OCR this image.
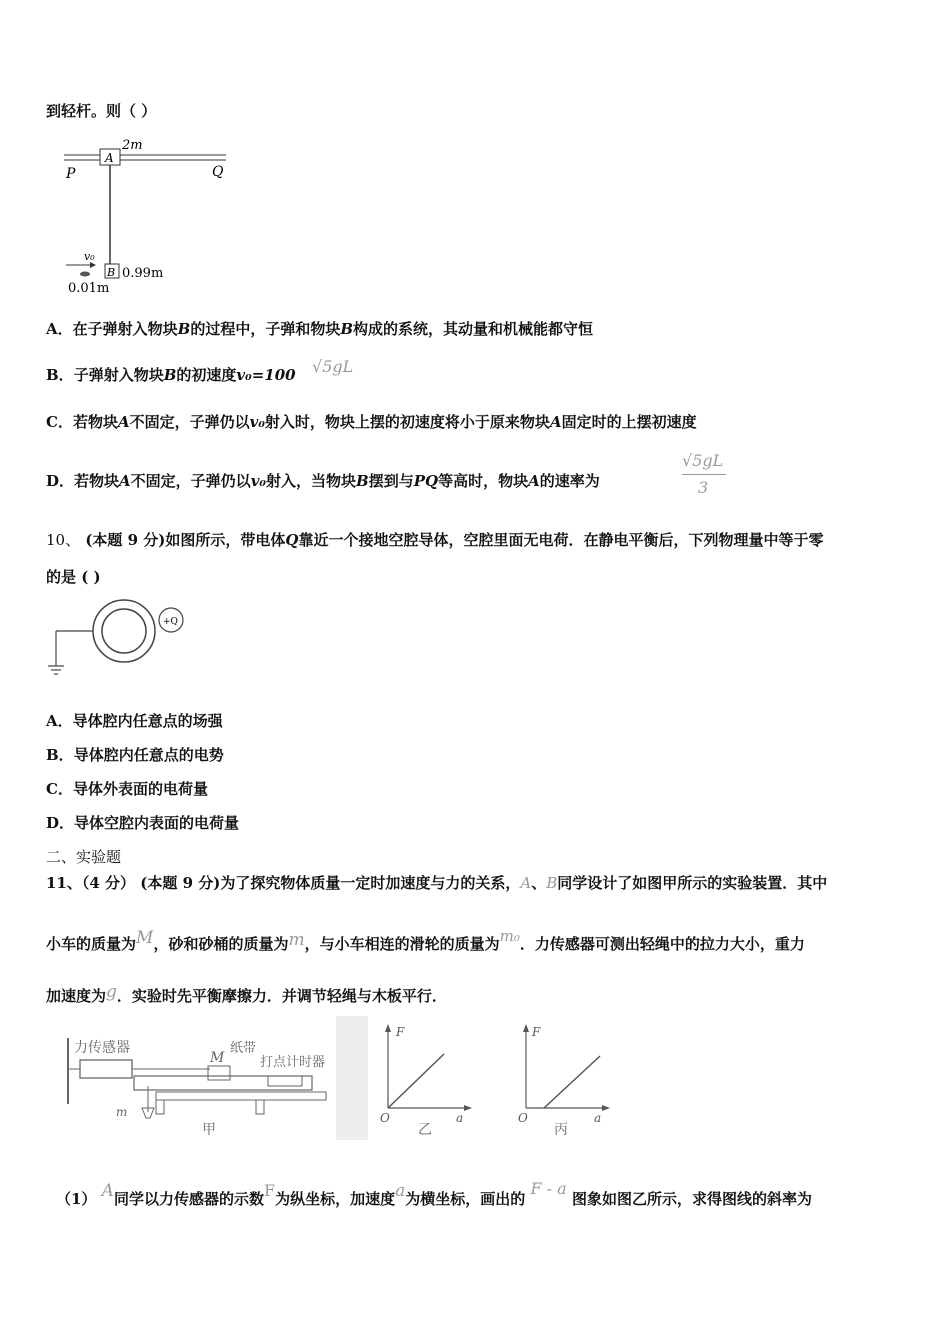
到轻杆。则（ ）
2m
A
P	Q
v₀
B 0.99m
0.01m
A．在子弹射入物块B的过程中，子弹和物块B构成的系统，其动量和机械能都守恒
B．子弹射入物块B的初速度v₀=100 √5gL
C．若物块A不固定，子弹仍以v₀射入时，物块上摆的初速度将小于原来物块A固定时的上摆初速度
D．若物块A不固定，子弹仍以v₀射入，当物块B摆到与PQ等高时，物块A的速率为
√5gL
3
10、 (本题 9 分)如图所示，带电体Q靠近一个接地空腔导体，空腔里面无电荷．在静电平衡后，下列物理量中等于零
的是 ( )
+Q
A．导体腔内任意点的场强
B．导体腔内任意点的电势
C．导体外表面的电荷量
D．导体空腔内表面的电荷量
二、实验题
11、（4 分） (本题 9 分)为了探究物体质量一定时加速度与力的关系，A、B同学设计了如图甲所示的实验装置．其中
小车的质量为M，砂和砂桶的质量为m，与小车相连的滑轮的质量为m₀．力传感器可测出轻绳中的拉力大小，重力
加速度为g．实验时先平衡摩擦力．并调节轻绳与木板平行．
力传感器
M
纸带
打点计时器
m
甲
F
a
O
乙
F
a
O
丙
（1） A同学以力传感器的示数F为纵坐标，加速度a为横坐标，画出的 F - a 图象如图乙所示，求得图线的斜率为
